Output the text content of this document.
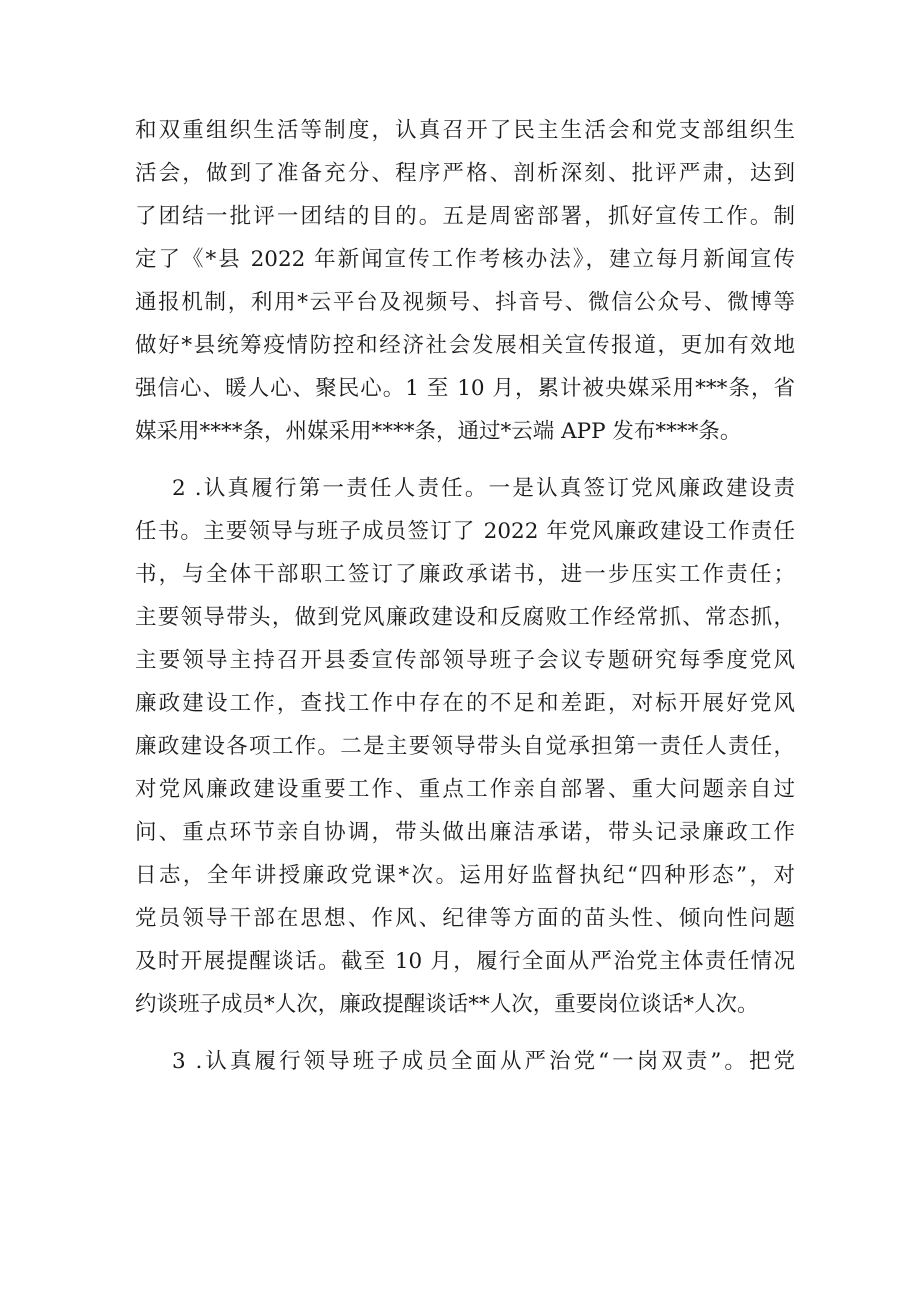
和双重组织生活等制度，认真召开了民主生活会和党支部组织生
活会，做到了准备充分、程序严格、剖析深刻、批评严肃，达到
了团结一批评一团结的目的。五是周密部署，抓好宣传工作。制
定了《*县 2022 年新闻宣传工作考核办法》，建立每月新闻宣传
通报机制，利用*云平台及视频号、抖音号、微信公众号、微博等
做好*县统筹疫情防控和经济社会发展相关宣传报道，更加有效地
强信心、暖人心、聚民心。1 至 10 月，累计被央媒采用***条，省
媒采用****条，州媒采用****条，通过*云端 APP 发布****条。
2 .认真履行第一责任人责任。一是认真签订党风廉政建设责
任书。主要领导与班子成员签订了 2022 年党风廉政建设工作责任
书，与全体干部职工签订了廉政承诺书，进一步压实工作责任；
主要领导带头，做到党风廉政建设和反腐败工作经常抓、常态抓，
主要领导主持召开县委宣传部领导班子会议专题研究每季度党风
廉政建设工作，查找工作中存在的不足和差距，对标开展好党风
廉政建设各项工作。二是主要领导带头自觉承担第一责任人责任，
对党风廉政建设重要工作、重点工作亲自部署、重大问题亲自过
问、重点环节亲自协调，带头做出廉洁承诺，带头记录廉政工作
日志，全年讲授廉政党课*次。运用好监督执纪“四种形态”，对
党员领导干部在思想、作风、纪律等方面的苗头性、倾向性问题
及时开展提醒谈话。截至 10 月，履行全面从严治党主体责任情况
约谈班子成员*人次，廉政提醒谈话**人次，重要岗位谈话*人次。
3 .认真履行领导班子成员全面从严治党“一岗双责”。把党
